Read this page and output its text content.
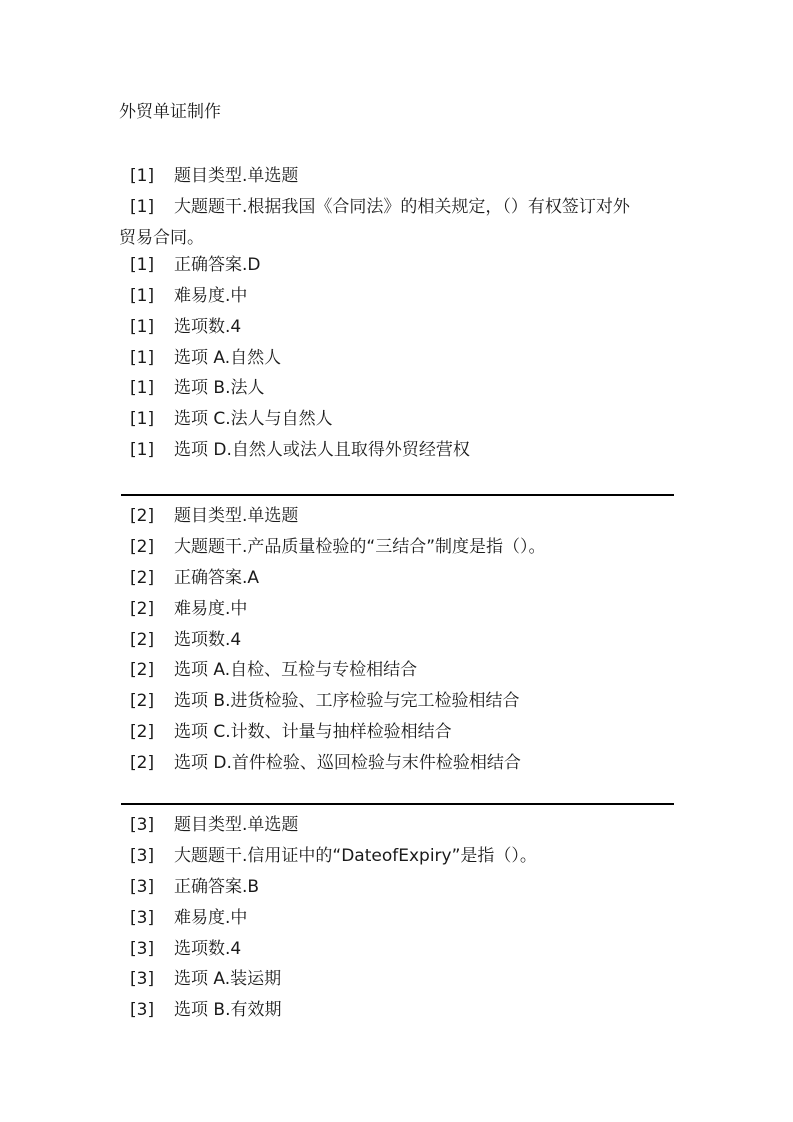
外贸单证制作
[1] 题目类型.单选题
[1] 大题题干.根据我国《合同法》的相关规定，（）有权签订对外
贸易合同。
[1] 正确答案.D
[1] 难易度.中
[1] 选项数.4
[1] 选项 A.自然人
[1] 选项 B.法人
[1] 选项 C.法人与自然人
[1] 选项 D.自然人或法人且取得外贸经营权
[2] 题目类型.单选题
[2] 大题题干.产品质量检验的“三结合”制度是指（）。
[2] 正确答案.A
[2] 难易度.中
[2] 选项数.4
[2] 选项 A.自检、互检与专检相结合
[2] 选项 B.进货检验、工序检验与完工检验相结合
[2] 选项 C.计数、计量与抽样检验相结合
[2] 选项 D.首件检验、巡回检验与末件检验相结合
[3] 题目类型.单选题
[3] 大题题干.信用证中的“DateofExpiry”是指（）。
[3] 正确答案.B
[3] 难易度.中
[3] 选项数.4
[3] 选项 A.装运期
[3] 选项 B.有效期
